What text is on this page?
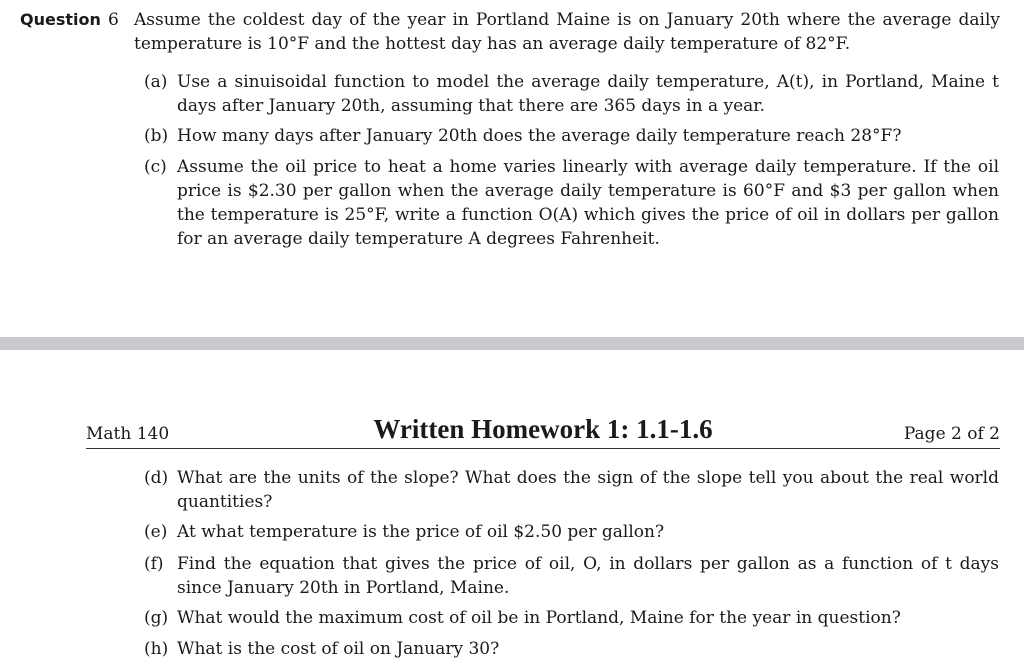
Question 6 Assume the coldest day of the year in Portland Maine is on January 20th where the average daily temperature is 10°F and the hottest day has an average daily temperature of 82°F.
(a) Use a sinuisoidal function to model the average daily temperature, A(t), in Portland, Maine t days after January 20th, assuming that there are 365 days in a year.
(b) How many days after January 20th does the average daily temperature reach 28°F?
(c) Assume the oil price to heat a home varies linearly with average daily temperature. If the oil price is $2.30 per gallon when the average daily temperature is 60°F and $3 per gallon when the temperature is 25°F, write a function O(A) which gives the price of oil in dollars per gallon for an average daily temperature A degrees Fahrenheit.
Math 140	Written Homework 1: 1.1-1.6	Page 2 of 2
(d) What are the units of the slope? What does the sign of the slope tell you about the real world quantities?
(e) At what temperature is the price of oil $2.50 per gallon?
(f) Find the equation that gives the price of oil, O, in dollars per gallon as a function of t days since January 20th in Portland, Maine.
(g) What would the maximum cost of oil be in Portland, Maine for the year in question?
(h) What is the cost of oil on January 30?
